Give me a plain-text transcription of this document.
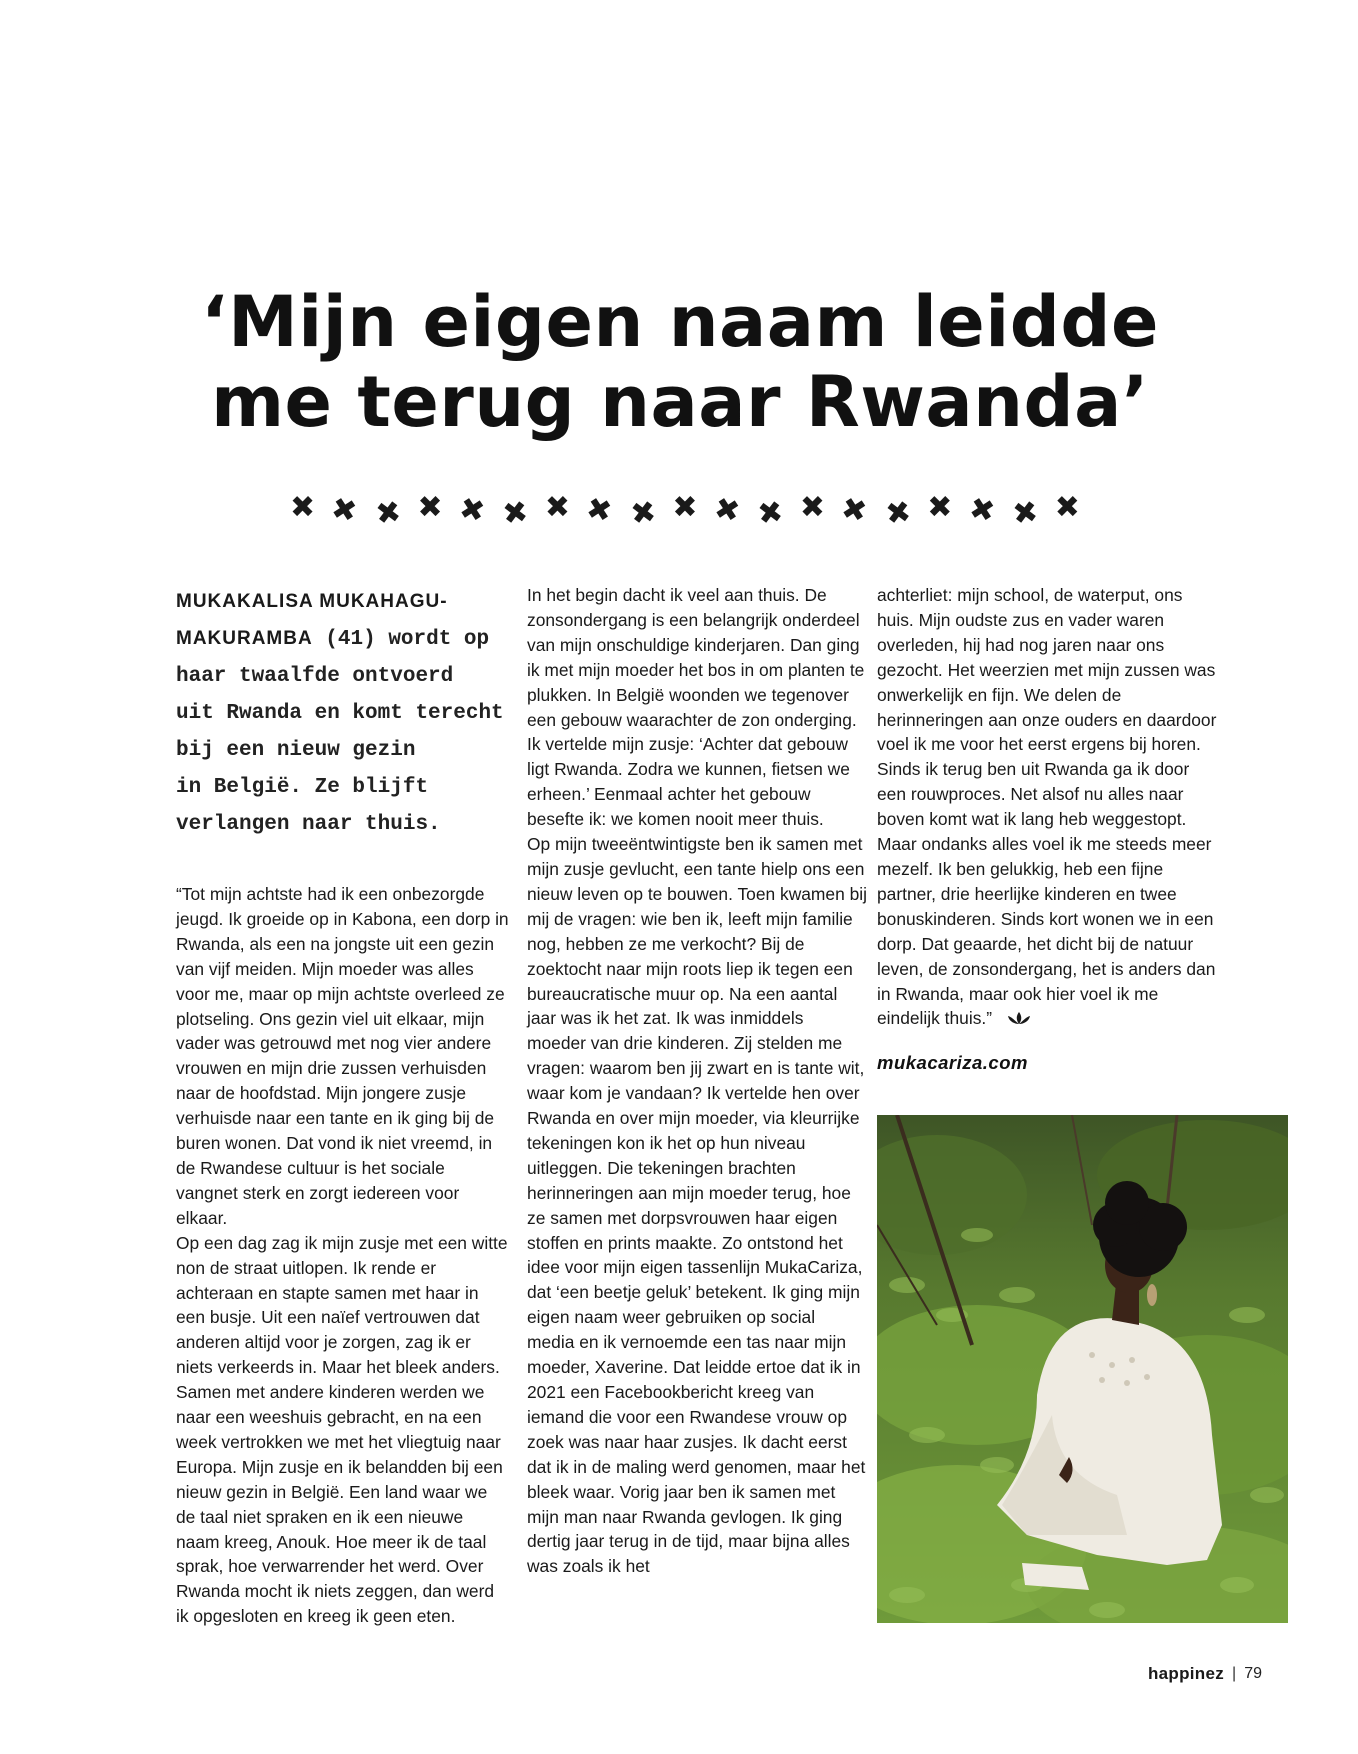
‘Mijn eigen naam leidde
me terug naar Rwanda’
✖ ✖ ✖ ✖ ✖ ✖ ✖ ✖ ✖ ✖ ✖ ✖ ✖ ✖ ✖ ✖ ✖ ✖ ✖
MUKAKALISA MUKAHAGU-
MAKURAMBA (41) wordt op
haar twaalfde ontvoerd
uit Rwanda en komt terecht
bij een nieuw gezin
in België. Ze blijft
verlangen naar thuis.

“Tot mijn achtste had ik een onbezorgde jeugd. Ik groeide op in Kabona, een dorp in Rwanda, als een na jongste uit een gezin van vijf meiden. Mijn moeder was alles voor me, maar op mijn achtste overleed ze plotseling. Ons gezin viel uit elkaar, mijn vader was getrouwd met nog vier andere vrouwen en mijn drie zussen verhuisden naar de hoofdstad. Mijn jongere zusje verhuisde naar een tante en ik ging bij de buren wonen. Dat vond ik niet vreemd, in de Rwandese cultuur is het sociale vangnet sterk en zorgt iedereen voor elkaar.

Op een dag zag ik mijn zusje met een witte non de straat uitlopen. Ik rende er achteraan en stapte samen met haar in een busje. Uit een naïef vertrouwen dat anderen altijd voor je zorgen, zag ik er niets verkeerds in. Maar het bleek anders. Samen met andere kinderen werden we naar een weeshuis gebracht, en na een week vertrokken we met het vliegtuig naar Europa. Mijn zusje en ik belandden bij een nieuw gezin in België. Een land waar we de taal niet spraken en ik een nieuwe naam kreeg, Anouk. Hoe meer ik de taal sprak, hoe verwarrender het werd. Over Rwanda mocht ik niets zeggen, dan werd ik opgesloten en kreeg ik geen eten.

In het begin dacht ik veel aan thuis. De zonsondergang is een belangrijk onderdeel van mijn onschuldige kinderjaren. Dan ging ik met mijn moeder het bos in om planten te plukken. In België woonden we tegenover een gebouw waarachter de zon onderging. Ik vertelde mijn zusje: ‘Achter dat gebouw ligt Rwanda. Zodra we kunnen, fietsen we erheen.’ Eenmaal achter het gebouw besefte ik: we komen nooit meer thuis.

Op mijn tweeëntwintigste ben ik samen met mijn zusje gevlucht, een tante hielp ons een nieuw leven op te bouwen. Toen kwamen bij mij de vragen: wie ben ik, leeft mijn familie nog, hebben ze me verkocht? Bij de zoektocht naar mijn roots liep ik tegen een bureaucratische muur op. Na een aantal jaar was ik het zat. Ik was inmiddels moeder van drie kinderen. Zij stelden me vragen: waarom ben jij zwart en is tante wit, waar kom je vandaan? Ik vertelde hen over Rwanda en over mijn moeder, via kleurrijke tekeningen kon ik het op hun niveau uitleggen. Die tekeningen brachten herinneringen aan mijn moeder terug, hoe ze samen met dorpsvrouwen haar eigen stoffen en prints maakte. Zo ontstond het idee voor mijn eigen tassenlijn MukaCariza, dat ‘een beetje geluk’ betekent. Ik ging mijn eigen naam weer gebruiken op social media en ik vernoemde een tas naar mijn moeder, Xaverine. Dat leidde ertoe dat ik in 2021 een Facebookbericht kreeg van iemand die voor een Rwandese vrouw op zoek was naar haar zusjes. Ik dacht eerst dat ik in de maling werd genomen, maar het bleek waar. Vorig jaar ben ik samen met mijn man naar Rwanda gevlogen. Ik ging dertig jaar terug in de tijd, maar bijna alles was zoals ik het

achterliet: mijn school, de waterput, ons huis. Mijn oudste zus en vader waren overleden, hij had nog jaren naar ons gezocht. Het weerzien met mijn zussen was onwerkelijk en fijn. We delen de herinneringen aan onze ouders en daardoor voel ik me voor het eerst ergens bij horen. Sinds ik terug ben uit Rwanda ga ik door een rouwproces. Net alsof nu alles naar boven komt wat ik lang heb weggestopt. Maar ondanks alles voel ik me steeds meer mezelf. Ik ben gelukkig, heb een fijne partner, drie heerlijke kinderen en twee bonuskinderen. Sinds kort wonen we in een dorp. Dat geaarde, het dicht bij de natuur leven, de zonsondergang, het is anders dan in Rwanda, maar ook hier voel ik me eindelijk thuis.”

mukacariza.com
happinez | 79
